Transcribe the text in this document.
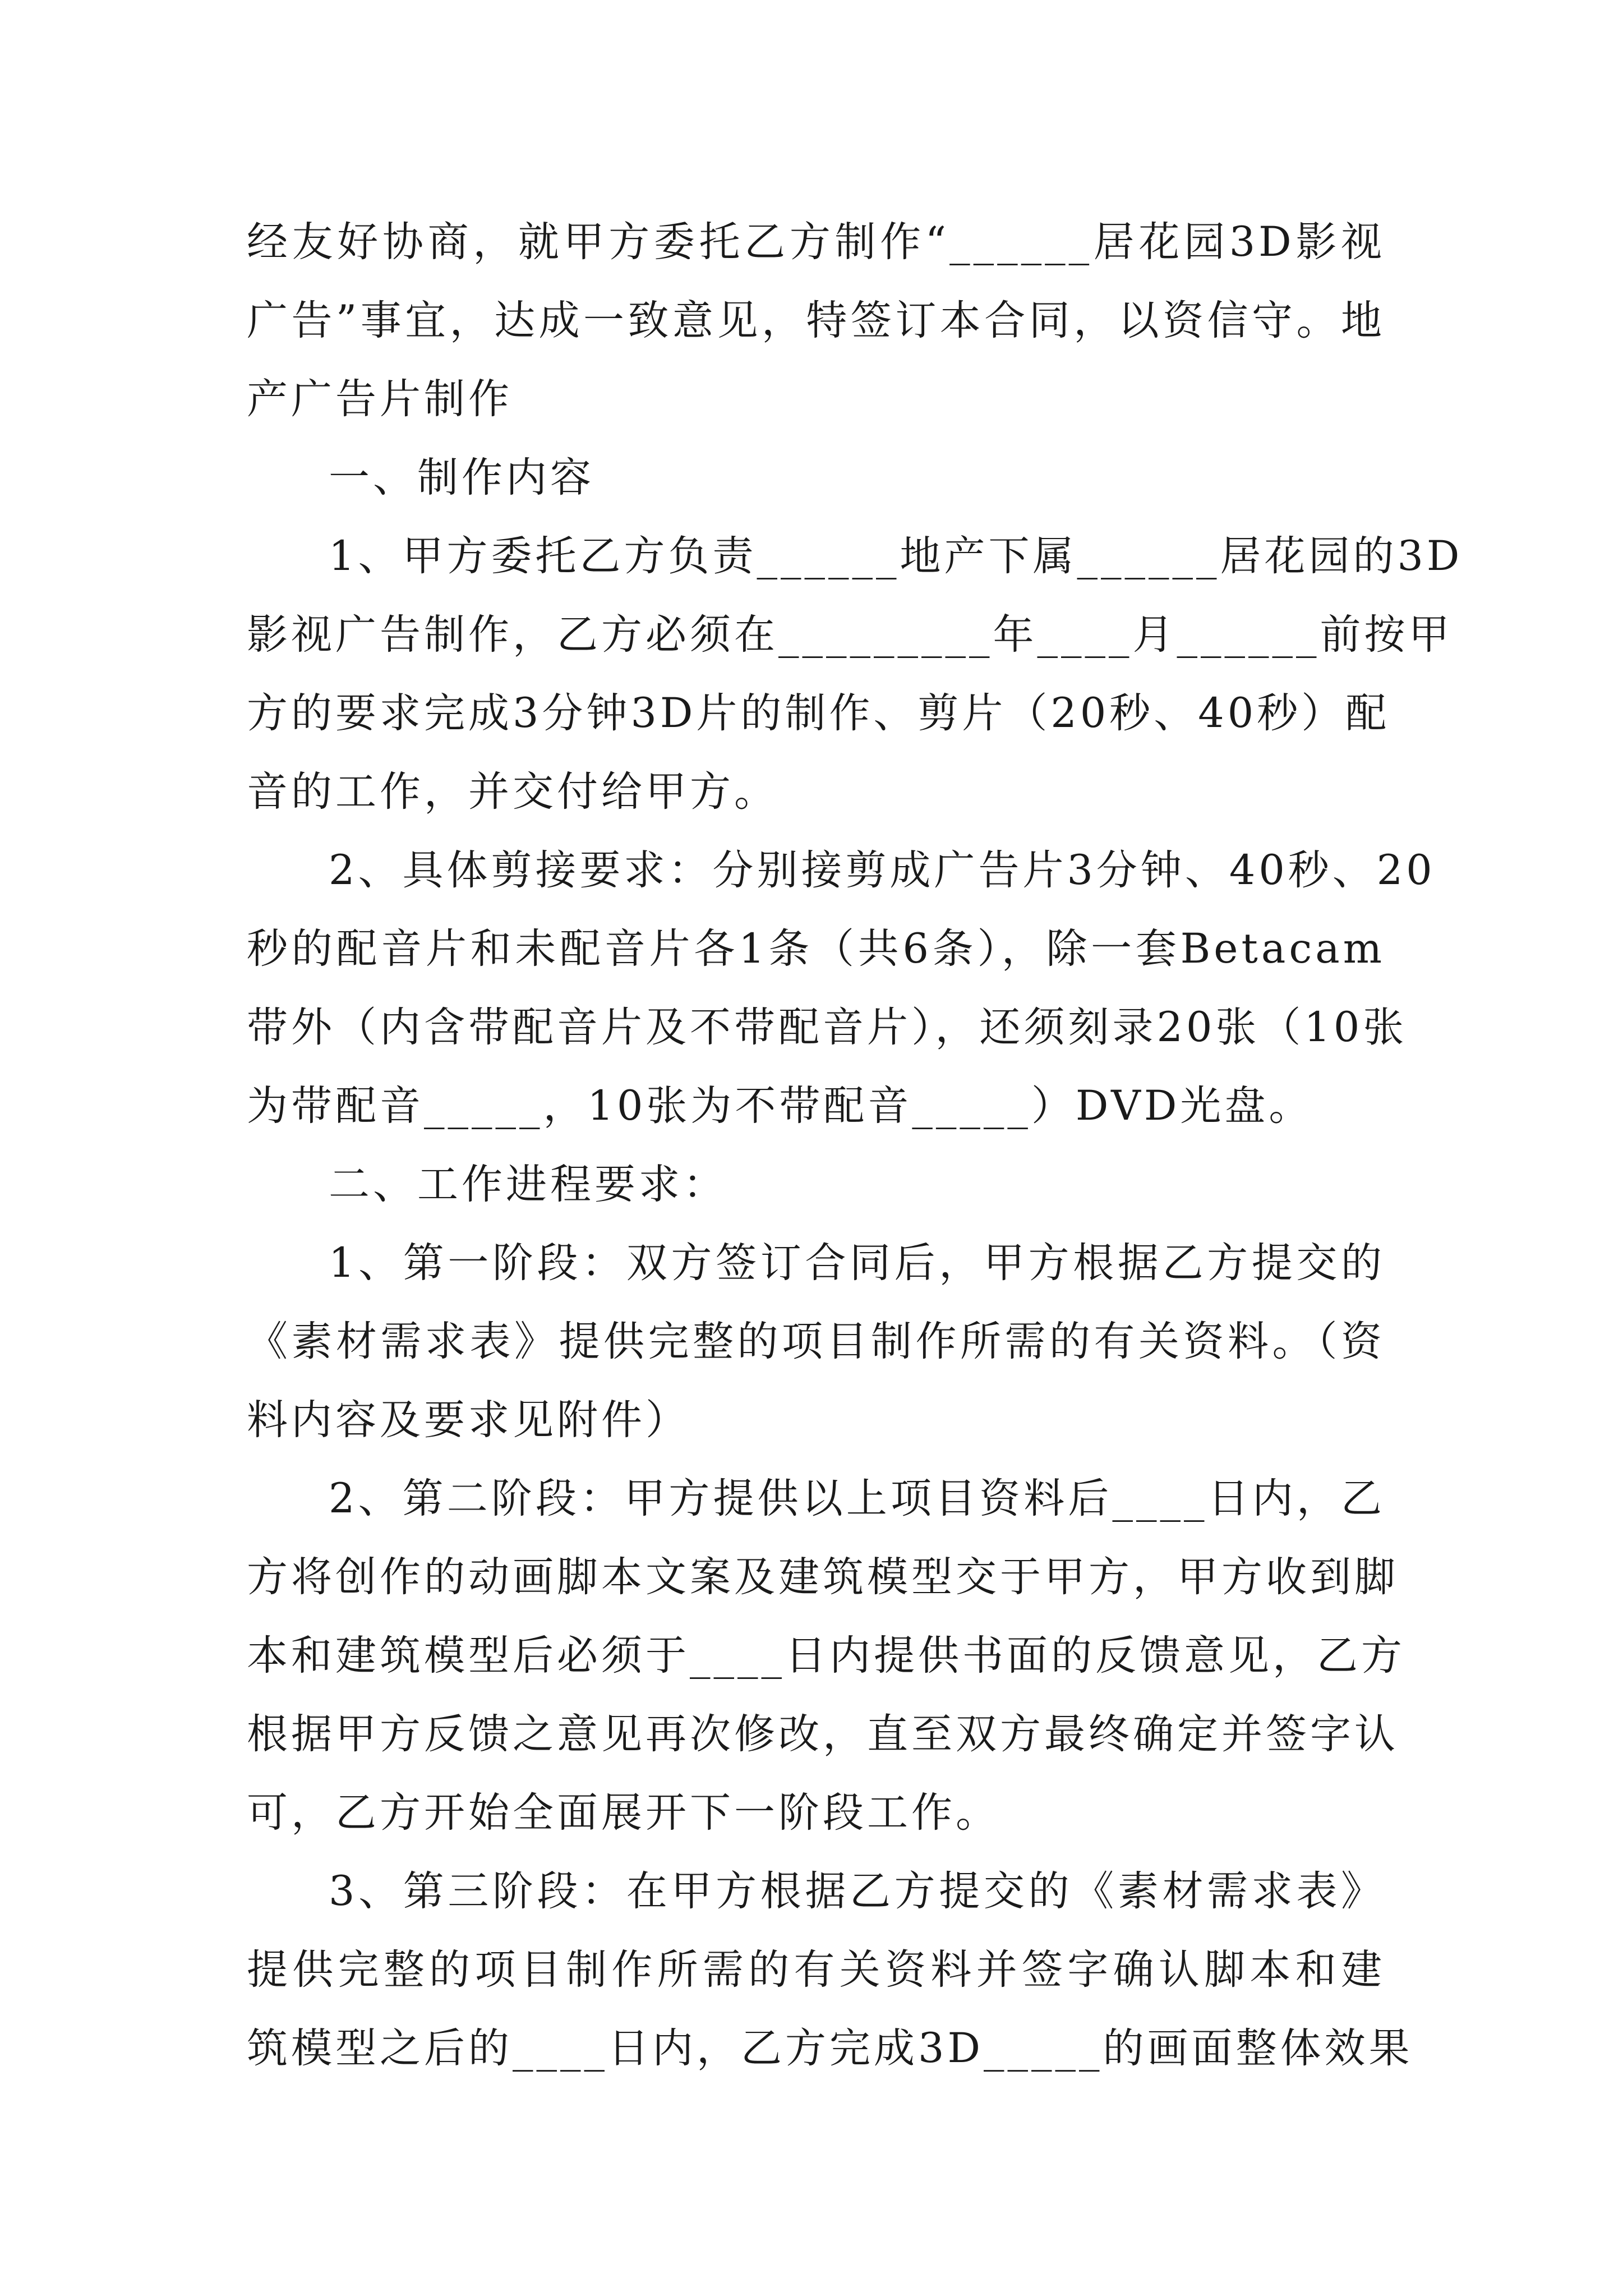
经友好协商，就甲方委托乙方制作“______居花园3D影视
广告”事宜，达成一致意见，特签订本合同，以资信守。地
产广告片制作
一、制作内容
1、甲方委托乙方负责______地产下属______居花园的3D
影视广告制作，乙方必须在_________年____月______前按甲
方的要求完成3分钟3D片的制作、剪片（20秒、40秒）配
音的工作，并交付给甲方。
2、具体剪接要求：分别接剪成广告片3分钟、40秒、20
秒的配音片和未配音片各1条（共6条），除一套Betacam
带外（内含带配音片及不带配音片），还须刻录20张（10张
为带配音_____，10张为不带配音_____）DVD光盘。
二、工作进程要求：
1、第一阶段：双方签订合同后，甲方根据乙方提交的
《素材需求表》提供完整的项目制作所需的有关资料。（资
料内容及要求见附件）
2、第二阶段：甲方提供以上项目资料后____日内，乙
方将创作的动画脚本文案及建筑模型交于甲方，甲方收到脚
本和建筑模型后必须于____日内提供书面的反馈意见，乙方
根据甲方反馈之意见再次修改，直至双方最终确定并签字认
可，乙方开始全面展开下一阶段工作。
3、第三阶段：在甲方根据乙方提交的《素材需求表》
提供完整的项目制作所需的有关资料并签字确认脚本和建
筑模型之后的____日内，乙方完成3D_____的画面整体效果
